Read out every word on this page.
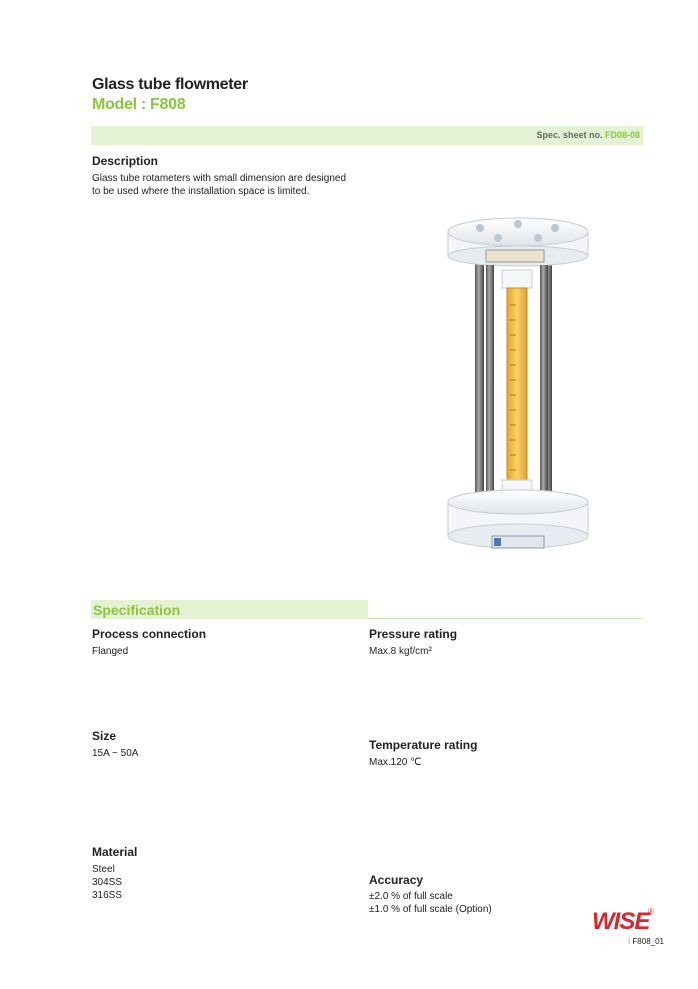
Glass tube flowmeter
Model : F808
Spec. sheet no. FD08-08
Description
Glass tube rotameters with small dimension are designed
to be used where the installation space is limited.
Specification
Process connection
Flanged
Size
15A ~ 50A
Material
Steel
304SS
316SS
Pressure rating
Max.8 kgf/cm²
Temperature rating
Max.120 ℃
Accuracy
±2.0 % of full scale
±1.0 % of full scale (Option)	WISE
®
I F808_01
